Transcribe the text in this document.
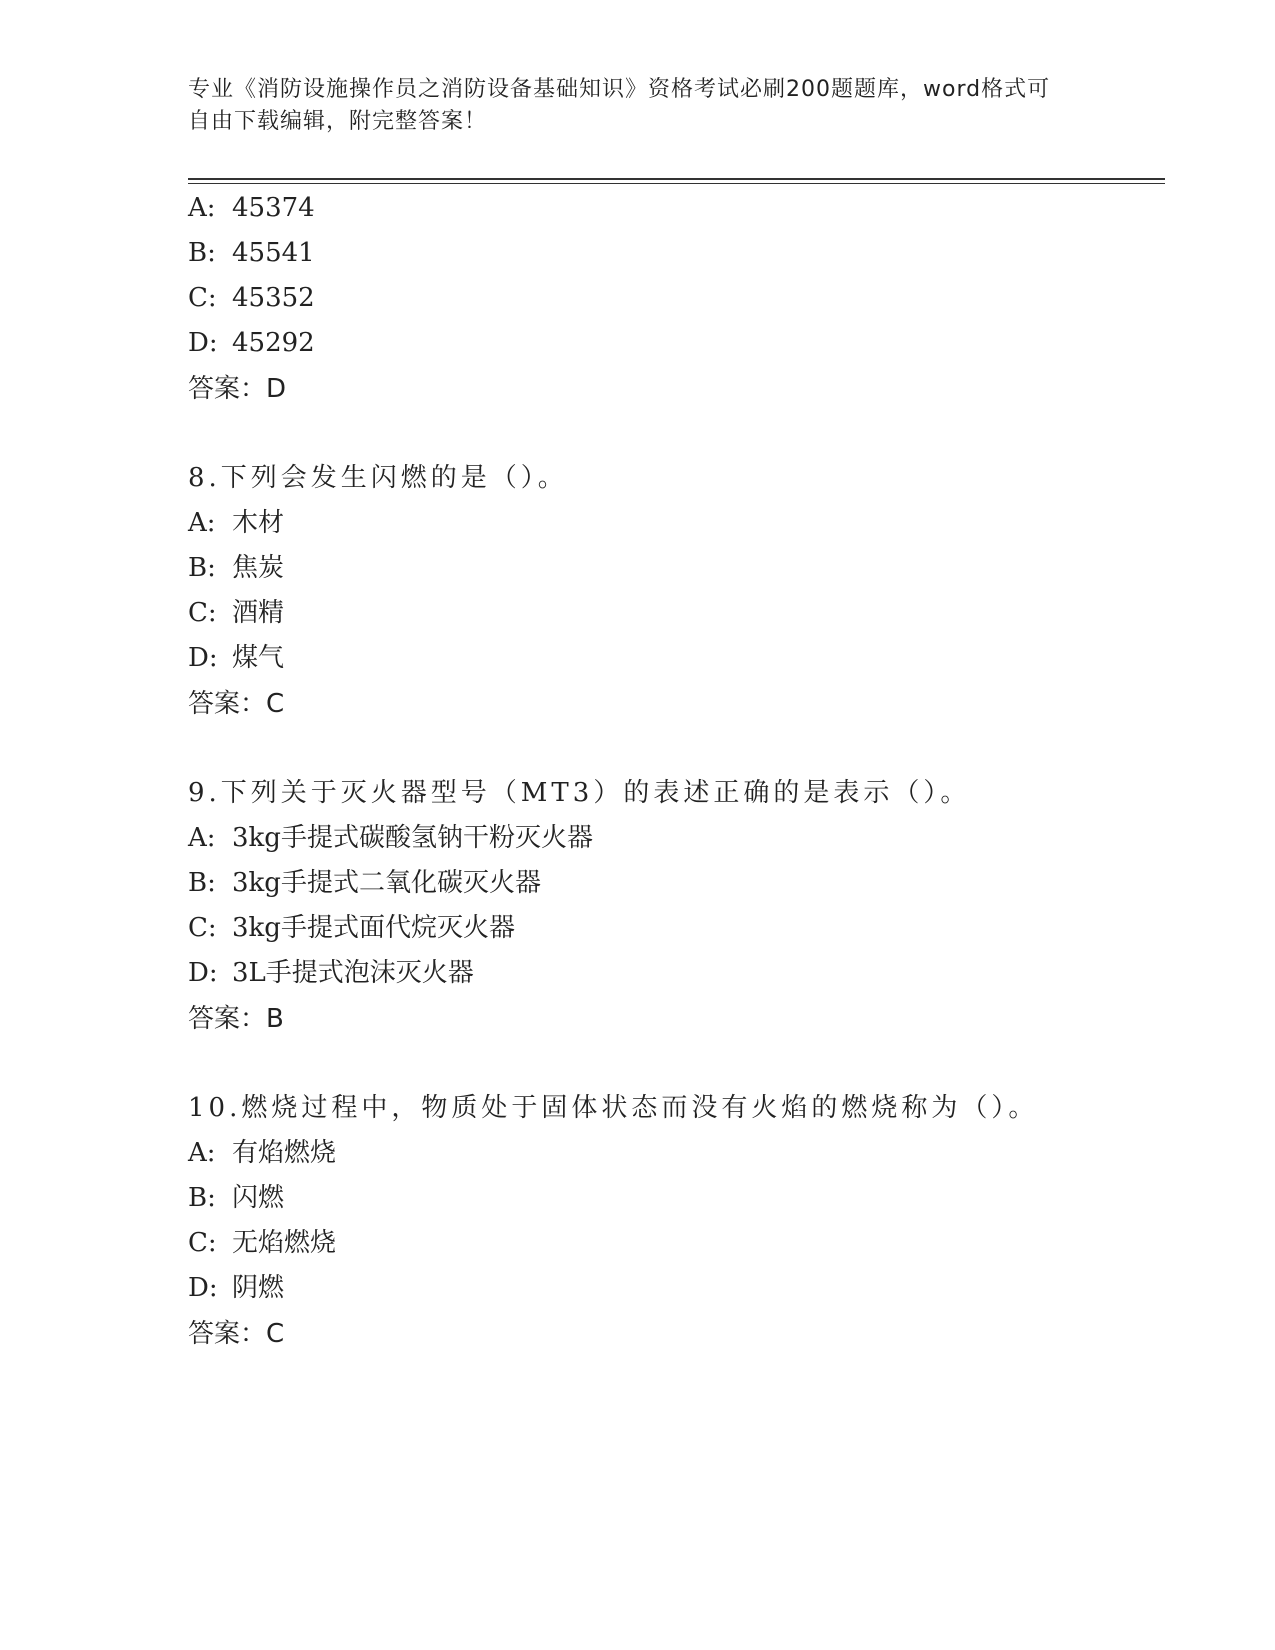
专业《消防设施操作员之消防设备基础知识》资格考试必刷200题题库，word格式可自由下载编辑，附完整答案！
A: 45374
B: 45541
C: 45352
D: 45292
答案：D
8.下列会发生闪燃的是（）。
A: 木材
B: 焦炭
C: 酒精
D: 煤气
答案：C
9.下列关于灭火器型号（MT3）的表述正确的是表示（）。
A: 3kg手提式碳酸氢钠干粉灭火器
B: 3kg手提式二氧化碳灭火器
C: 3kg手提式面代烷灭火器
D: 3L手提式泡沫灭火器
答案：B
10.燃烧过程中，物质处于固体状态而没有火焰的燃烧称为（）。
A: 有焰燃烧
B: 闪燃
C: 无焰燃烧
D: 阴燃
答案：C
